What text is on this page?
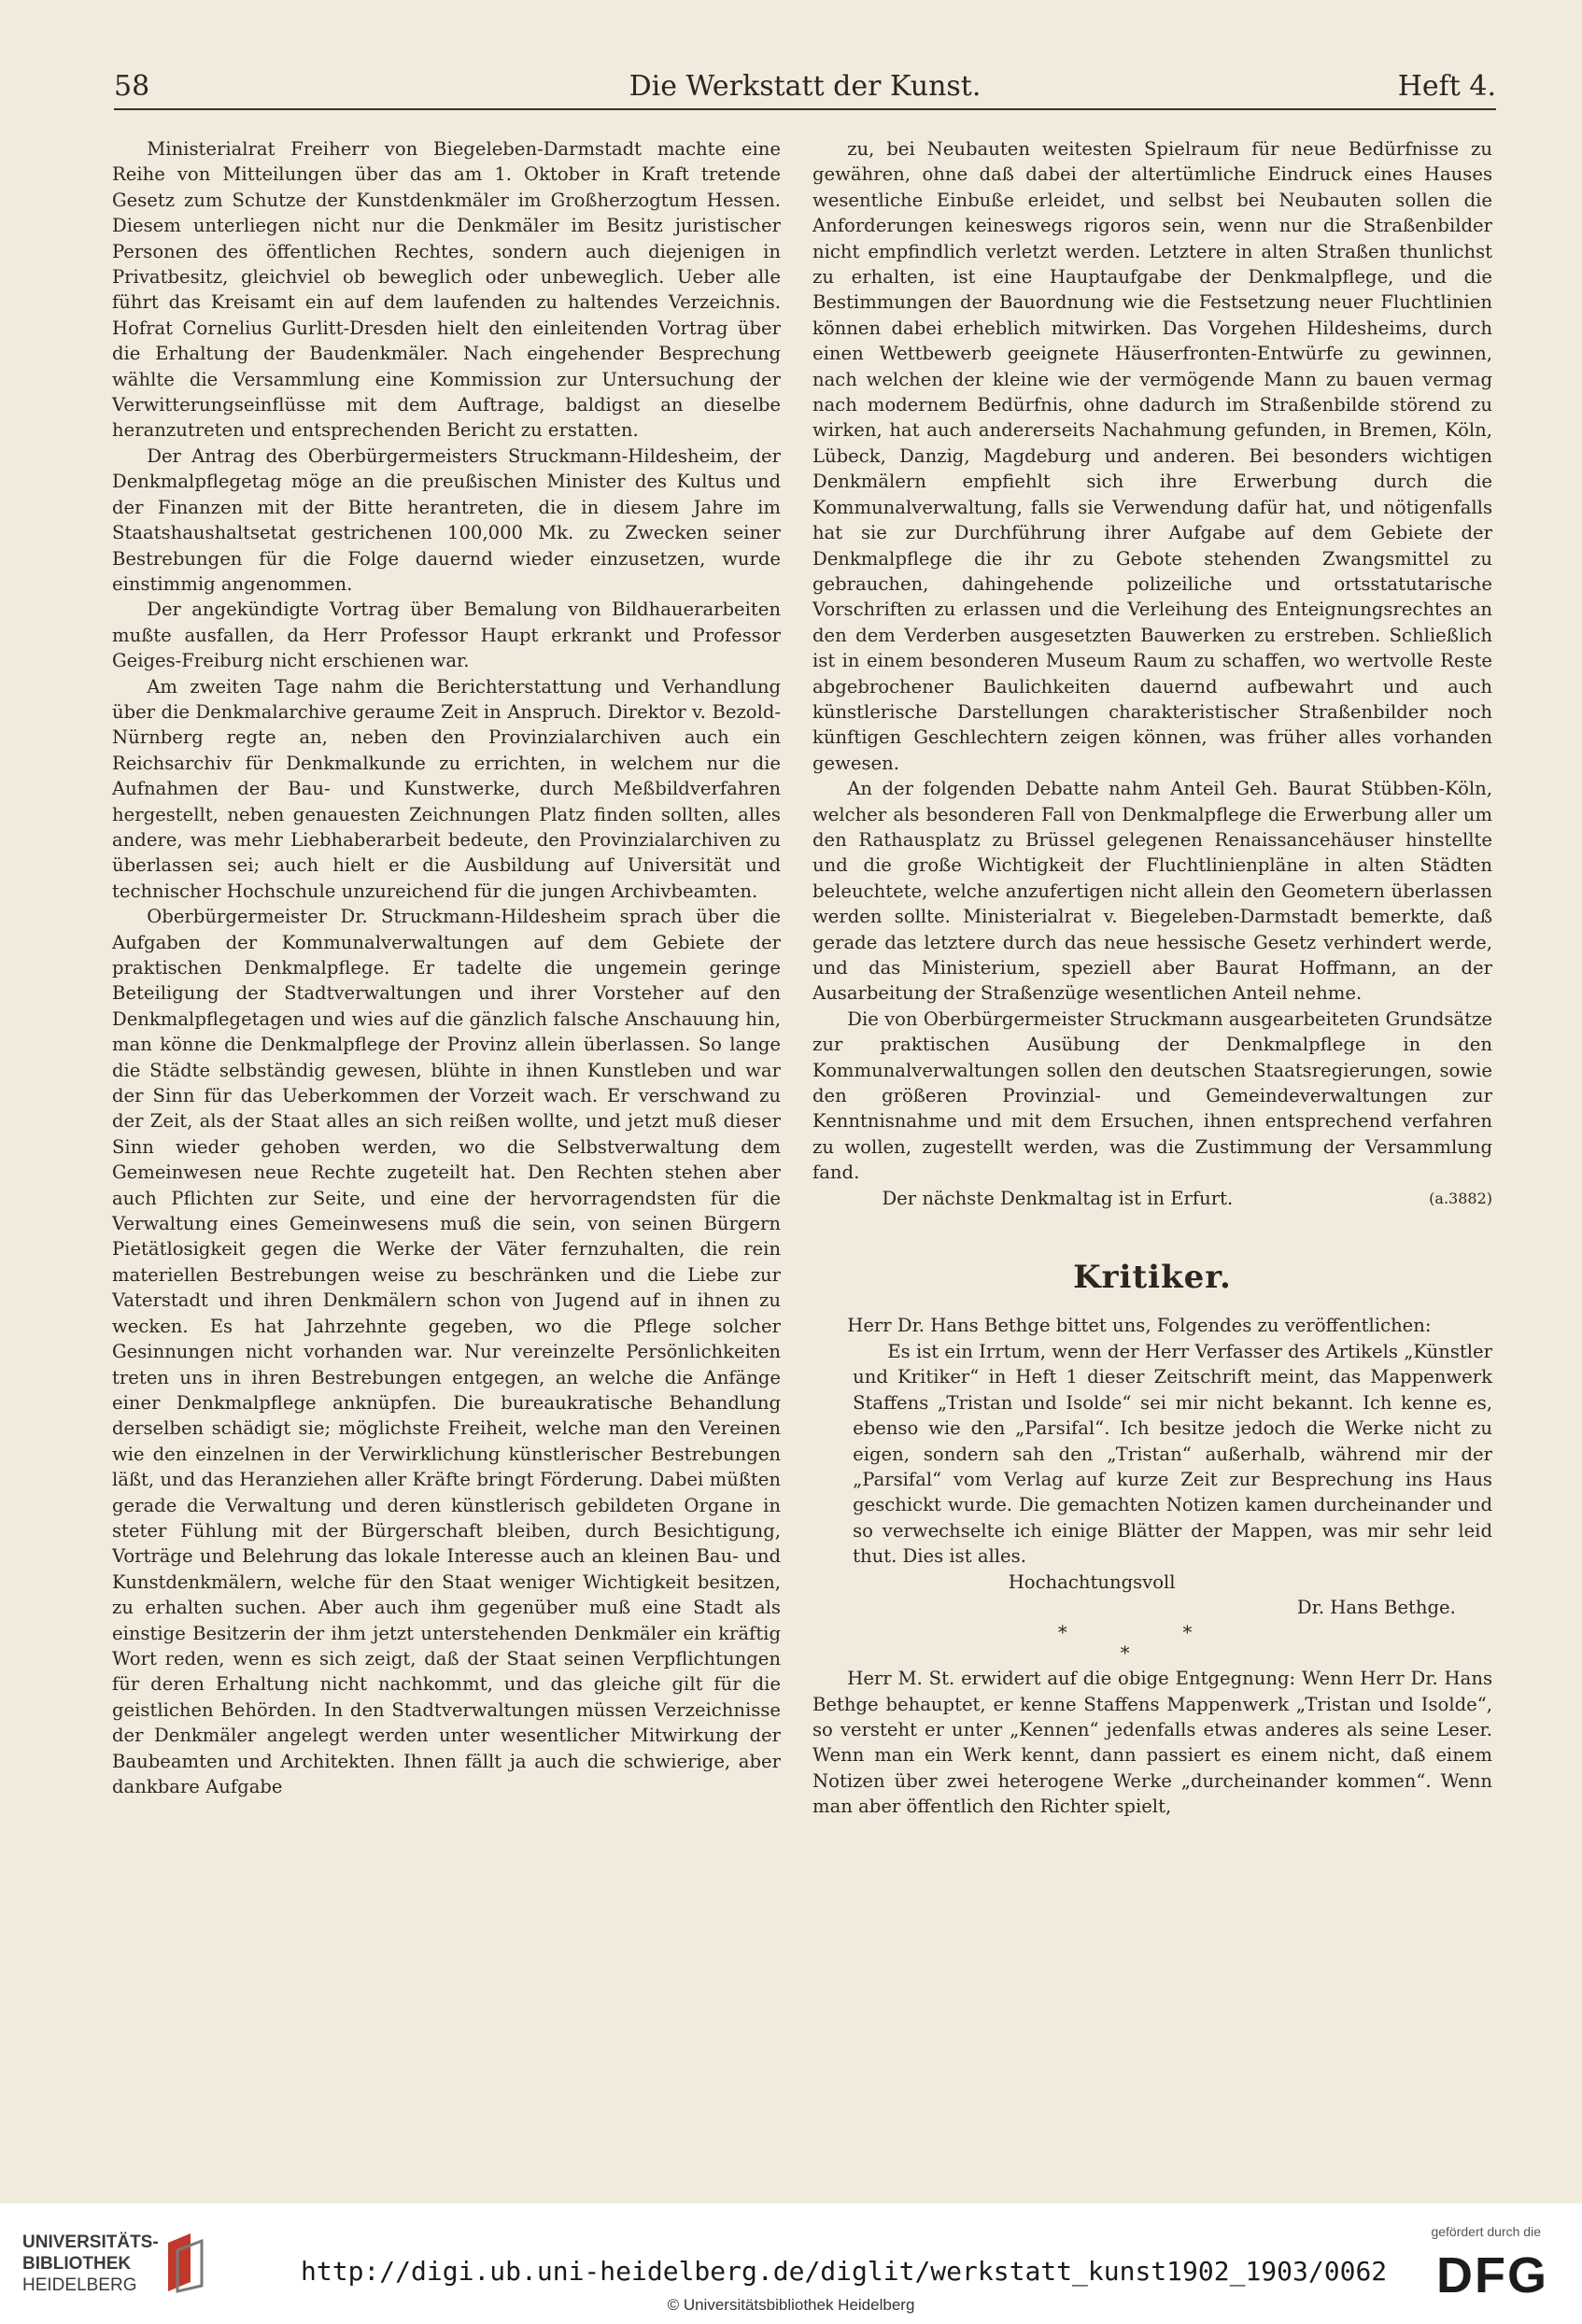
58	Die Werkstatt der Kunst.	Heft 4.

Ministerialrat Freiherr von Biegeleben-Darmstadt machte eine Reihe von Mitteilungen über das am 1. Oktober in Kraft tretende Gesetz zum Schutze der Kunstdenkmäler im Großherzogtum Hessen. Diesem unterliegen nicht nur die Denkmäler im Besitz juristischer Personen des öffentlichen Rechtes, sondern auch diejenigen in Privatbesitz, gleichviel ob beweglich oder unbeweglich. Ueber alle führt das Kreisamt ein auf dem laufenden zu haltendes Verzeichnis. Hofrat Cornelius Gurlitt-Dresden hielt den einleitenden Vortrag über die Erhaltung der Baudenkmäler. Nach eingehender Besprechung wählte die Versammlung eine Kommission zur Untersuchung der Verwitterungseinflüsse mit dem Auftrage, baldigst an dieselbe heranzutreten und entsprechenden Bericht zu erstatten.

Der Antrag des Oberbürgermeisters Struckmann-Hildesheim, der Denkmalpflegetag möge an die preußischen Minister des Kultus und der Finanzen mit der Bitte herantreten, die in diesem Jahre im Staatshaushaltsetat gestrichenen 100,000 Mk. zu Zwecken seiner Bestrebungen für die Folge dauernd wieder einzusetzen, wurde einstimmig angenommen.

Der angekündigte Vortrag über Bemalung von Bildhauerarbeiten mußte ausfallen, da Herr Professor Haupt erkrankt und Professor Geiges-Freiburg nicht erschienen war.

Am zweiten Tage nahm die Berichterstattung und Verhandlung über die Denkmalarchive geraume Zeit in Anspruch. Direktor v. Bezold-Nürnberg regte an, neben den Provinzialarchiven auch ein Reichsarchiv für Denkmalkunde zu errichten, in welchem nur die Aufnahmen der Bau- und Kunstwerke, durch Meßbildverfahren hergestellt, neben genauesten Zeichnungen Platz finden sollten, alles andere, was mehr Liebhaberarbeit bedeute, den Provinzialarchiven zu überlassen sei; auch hielt er die Ausbildung auf Universität und technischer Hochschule unzureichend für die jungen Archivbeamten.

Oberbürgermeister Dr. Struckmann-Hildesheim sprach über die Aufgaben der Kommunalverwaltungen auf dem Gebiete der praktischen Denkmalpflege. Er tadelte die ungemein geringe Beteiligung der Stadtverwaltungen und ihrer Vorsteher auf den Denkmalpflegetagen und wies auf die gänzlich falsche Anschauung hin, man könne die Denkmalpflege der Provinz allein überlassen. So lange die Städte selbständig gewesen, blühte in ihnen Kunstleben und war der Sinn für das Ueberkommen der Vorzeit wach. Er verschwand zu der Zeit, als der Staat alles an sich reißen wollte, und jetzt muß dieser Sinn wieder gehoben werden, wo die Selbstverwaltung dem Gemeinwesen neue Rechte zugeteilt hat. Den Rechten stehen aber auch Pflichten zur Seite, und eine der hervorragendsten für die Verwaltung eines Gemeinwesens muß die sein, von seinen Bürgern Pietätlosigkeit gegen die Werke der Väter fernzuhalten, die rein materiellen Bestrebungen weise zu beschränken und die Liebe zur Vaterstadt und ihren Denkmälern schon von Jugend auf in ihnen zu wecken. Es hat Jahrzehnte gegeben, wo die Pflege solcher Gesinnungen nicht vorhanden war. Nur vereinzelte Persönlichkeiten treten uns in ihren Bestrebungen entgegen, an welche die Anfänge einer Denkmalpflege anknüpfen. Die bureaukratische Behandlung derselben schädigt sie; möglichste Freiheit, welche man den Vereinen wie den einzelnen in der Verwirklichung künstlerischer Bestrebungen läßt, und das Heranziehen aller Kräfte bringt Förderung. Dabei müßten gerade die Verwaltung und deren künstlerisch gebildeten Organe in steter Fühlung mit der Bürgerschaft bleiben, durch Besichtigung, Vorträge und Belehrung das lokale Interesse auch an kleinen Bau- und Kunstdenkmälern, welche für den Staat weniger Wichtigkeit besitzen, zu erhalten suchen. Aber auch ihm gegenüber muß eine Stadt als einstige Besitzerin der ihm jetzt unterstehenden Denkmäler ein kräftig Wort reden, wenn es sich zeigt, daß der Staat seinen Verpflichtungen für deren Erhaltung nicht nachkommt, und das gleiche gilt für die geistlichen Behörden. In den Stadtverwaltungen müssen Verzeichnisse der Denkmäler angelegt werden unter wesentlicher Mitwirkung der Baubeamten und Architekten. Ihnen fällt ja auch die schwierige, aber dankbare Aufgabe

zu, bei Neubauten weitesten Spielraum für neue Bedürfnisse zu gewähren, ohne daß dabei der altertümliche Eindruck eines Hauses wesentliche Einbuße erleidet, und selbst bei Neubauten sollen die Anforderungen keineswegs rigoros sein, wenn nur die Straßenbilder nicht empfindlich verletzt werden. Letztere in alten Straßen thunlichst zu erhalten, ist eine Hauptaufgabe der Denkmalpflege, und die Bestimmungen der Bauordnung wie die Festsetzung neuer Fluchtlinien können dabei erheblich mitwirken. Das Vorgehen Hildesheims, durch einen Wettbewerb geeignete Häuserfronten-Entwürfe zu gewinnen, nach welchen der kleine wie der vermögende Mann zu bauen vermag nach modernem Bedürfnis, ohne dadurch im Straßenbilde störend zu wirken, hat auch andererseits Nachahmung gefunden, in Bremen, Köln, Lübeck, Danzig, Magdeburg und anderen. Bei besonders wichtigen Denkmälern empfiehlt sich ihre Erwerbung durch die Kommunalverwaltung, falls sie Verwendung dafür hat, und nötigenfalls hat sie zur Durchführung ihrer Aufgabe auf dem Gebiete der Denkmalpflege die ihr zu Gebote stehenden Zwangsmittel zu gebrauchen, dahingehende polizeiliche und ortsstatutarische Vorschriften zu erlassen und die Verleihung des Enteignungsrechtes an den dem Verderben ausgesetzten Bauwerken zu erstreben. Schließlich ist in einem besonderen Museum Raum zu schaffen, wo wertvolle Reste abgebrochener Baulichkeiten dauernd aufbewahrt und auch künstlerische Darstellungen charakteristischer Straßenbilder noch künftigen Geschlechtern zeigen können, was früher alles vorhanden gewesen.

An der folgenden Debatte nahm Anteil Geh. Baurat Stübben-Köln, welcher als besonderen Fall von Denkmalpflege die Erwerbung aller um den Rathausplatz zu Brüssel gelegenen Renaissancehäuser hinstellte und die große Wichtigkeit der Fluchtlinienpläne in alten Städten beleuchtete, welche anzufertigen nicht allein den Geometern überlassen werden sollte. Ministerialrat v. Biegeleben-Darmstadt bemerkte, daß gerade das letztere durch das neue hessische Gesetz verhindert werde, und das Ministerium, speziell aber Baurat Hoffmann, an der Ausarbeitung der Straßenzüge wesentlichen Anteil nehme.

Die von Oberbürgermeister Struckmann ausgearbeiteten Grundsätze zur praktischen Ausübung der Denkmalpflege in den Kommunalverwaltungen sollen den deutschen Staatsregierungen, sowie den größeren Provinzial- und Gemeindeverwaltungen zur Kenntnisnahme und mit dem Ersuchen, ihnen entsprechend verfahren zu wollen, zugestellt werden, was die Zustimmung der Versammlung fand.

Der nächste Denkmaltag ist in Erfurt.	(a.3882)

Kritiker.

Herr Dr. Hans Bethge bittet uns, Folgendes zu veröffentlichen:

Es ist ein Irrtum, wenn der Herr Verfasser des Artikels „Künstler und Kritiker“ in Heft 1 dieser Zeitschrift meint, das Mappenwerk Staffens „Tristan und Isolde“ sei mir nicht bekannt. Ich kenne es, ebenso wie den „Parsifal“. Ich besitze jedoch die Werke nicht zu eigen, sondern sah den „Tristan“ außerhalb, während mir der „Parsifal“ vom Verlag auf kurze Zeit zur Besprechung ins Haus geschickt wurde. Die gemachten Notizen kamen durcheinander und so verwechselte ich einige Blätter der Mappen, was mir sehr leid thut. Dies ist alles.

Hochachtungsvoll

Dr. Hans Bethge.

* *

*

Herr M. St. erwidert auf die obige Entgegnung: Wenn Herr Dr. Hans Bethge behauptet, er kenne Staffens Mappenwerk „Tristan und Isolde“, so versteht er unter „Kennen“ jedenfalls etwas anderes als seine Leser. Wenn man ein Werk kennt, dann passiert es einem nicht, daß einem Notizen über zwei heterogene Werke „durcheinander kommen“. Wenn man aber öffentlich den Richter spielt,

UNIVERSITÄTS-
BIBLIOTHEK
HEIDELBERG	http://digi.ub.uni-heidelberg.de/diglit/werkstatt_kunst1902_1903/0062
© Universitätsbibliothek Heidelberg
gefördert durch die
DFG
